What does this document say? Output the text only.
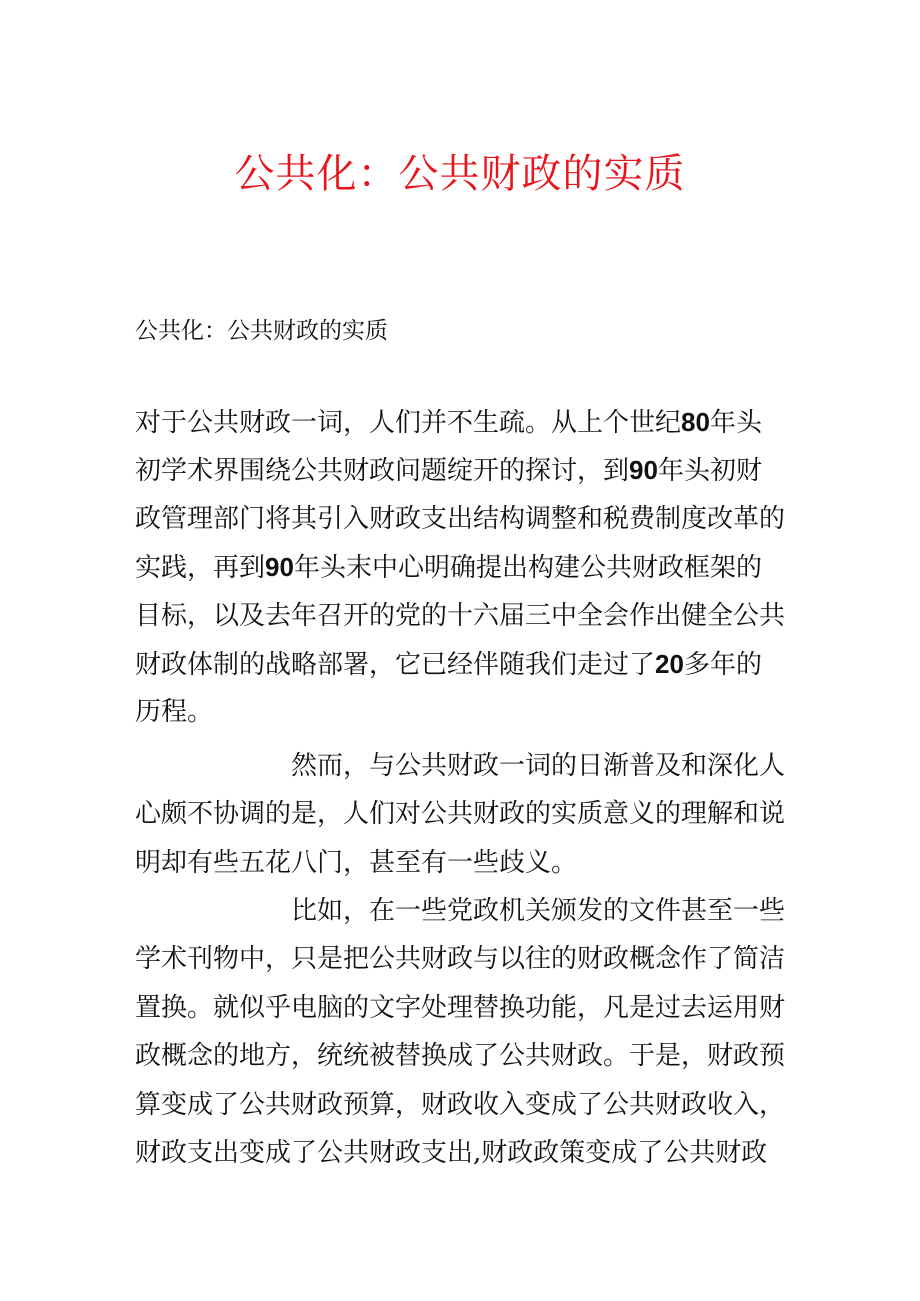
公共化：公共财政的实质
公共化：公共财政的实质
对于公共财政一词，人们并不生疏。从上个世纪80年头
初学术界围绕公共财政问题绽开的探讨，到90年头初财
政管理部门将其引入财政支出结构调整和税费制度改革的
实践，再到90年头末中心明确提出构建公共财政框架的
目标，以及去年召开的党的十六届三中全会作出健全公共
财政体制的战略部署，它已经伴随我们走过了20多年的
历程。
然而，与公共财政一词的日渐普及和深化人
心颇不协调的是，人们对公共财政的实质意义的理解和说
明却有些五花八门，甚至有一些歧义。
比如，在一些党政机关颁发的文件甚至一些
学术刊物中，只是把公共财政与以往的财政概念作了简洁
置换。就似乎电脑的文字处理替换功能，凡是过去运用财
政概念的地方，统统被替换成了公共财政。于是，财政预
算变成了公共财政预算，财政收入变成了公共财政收入，
财政支出变成了公共财政支出,财政政策变成了公共财政
